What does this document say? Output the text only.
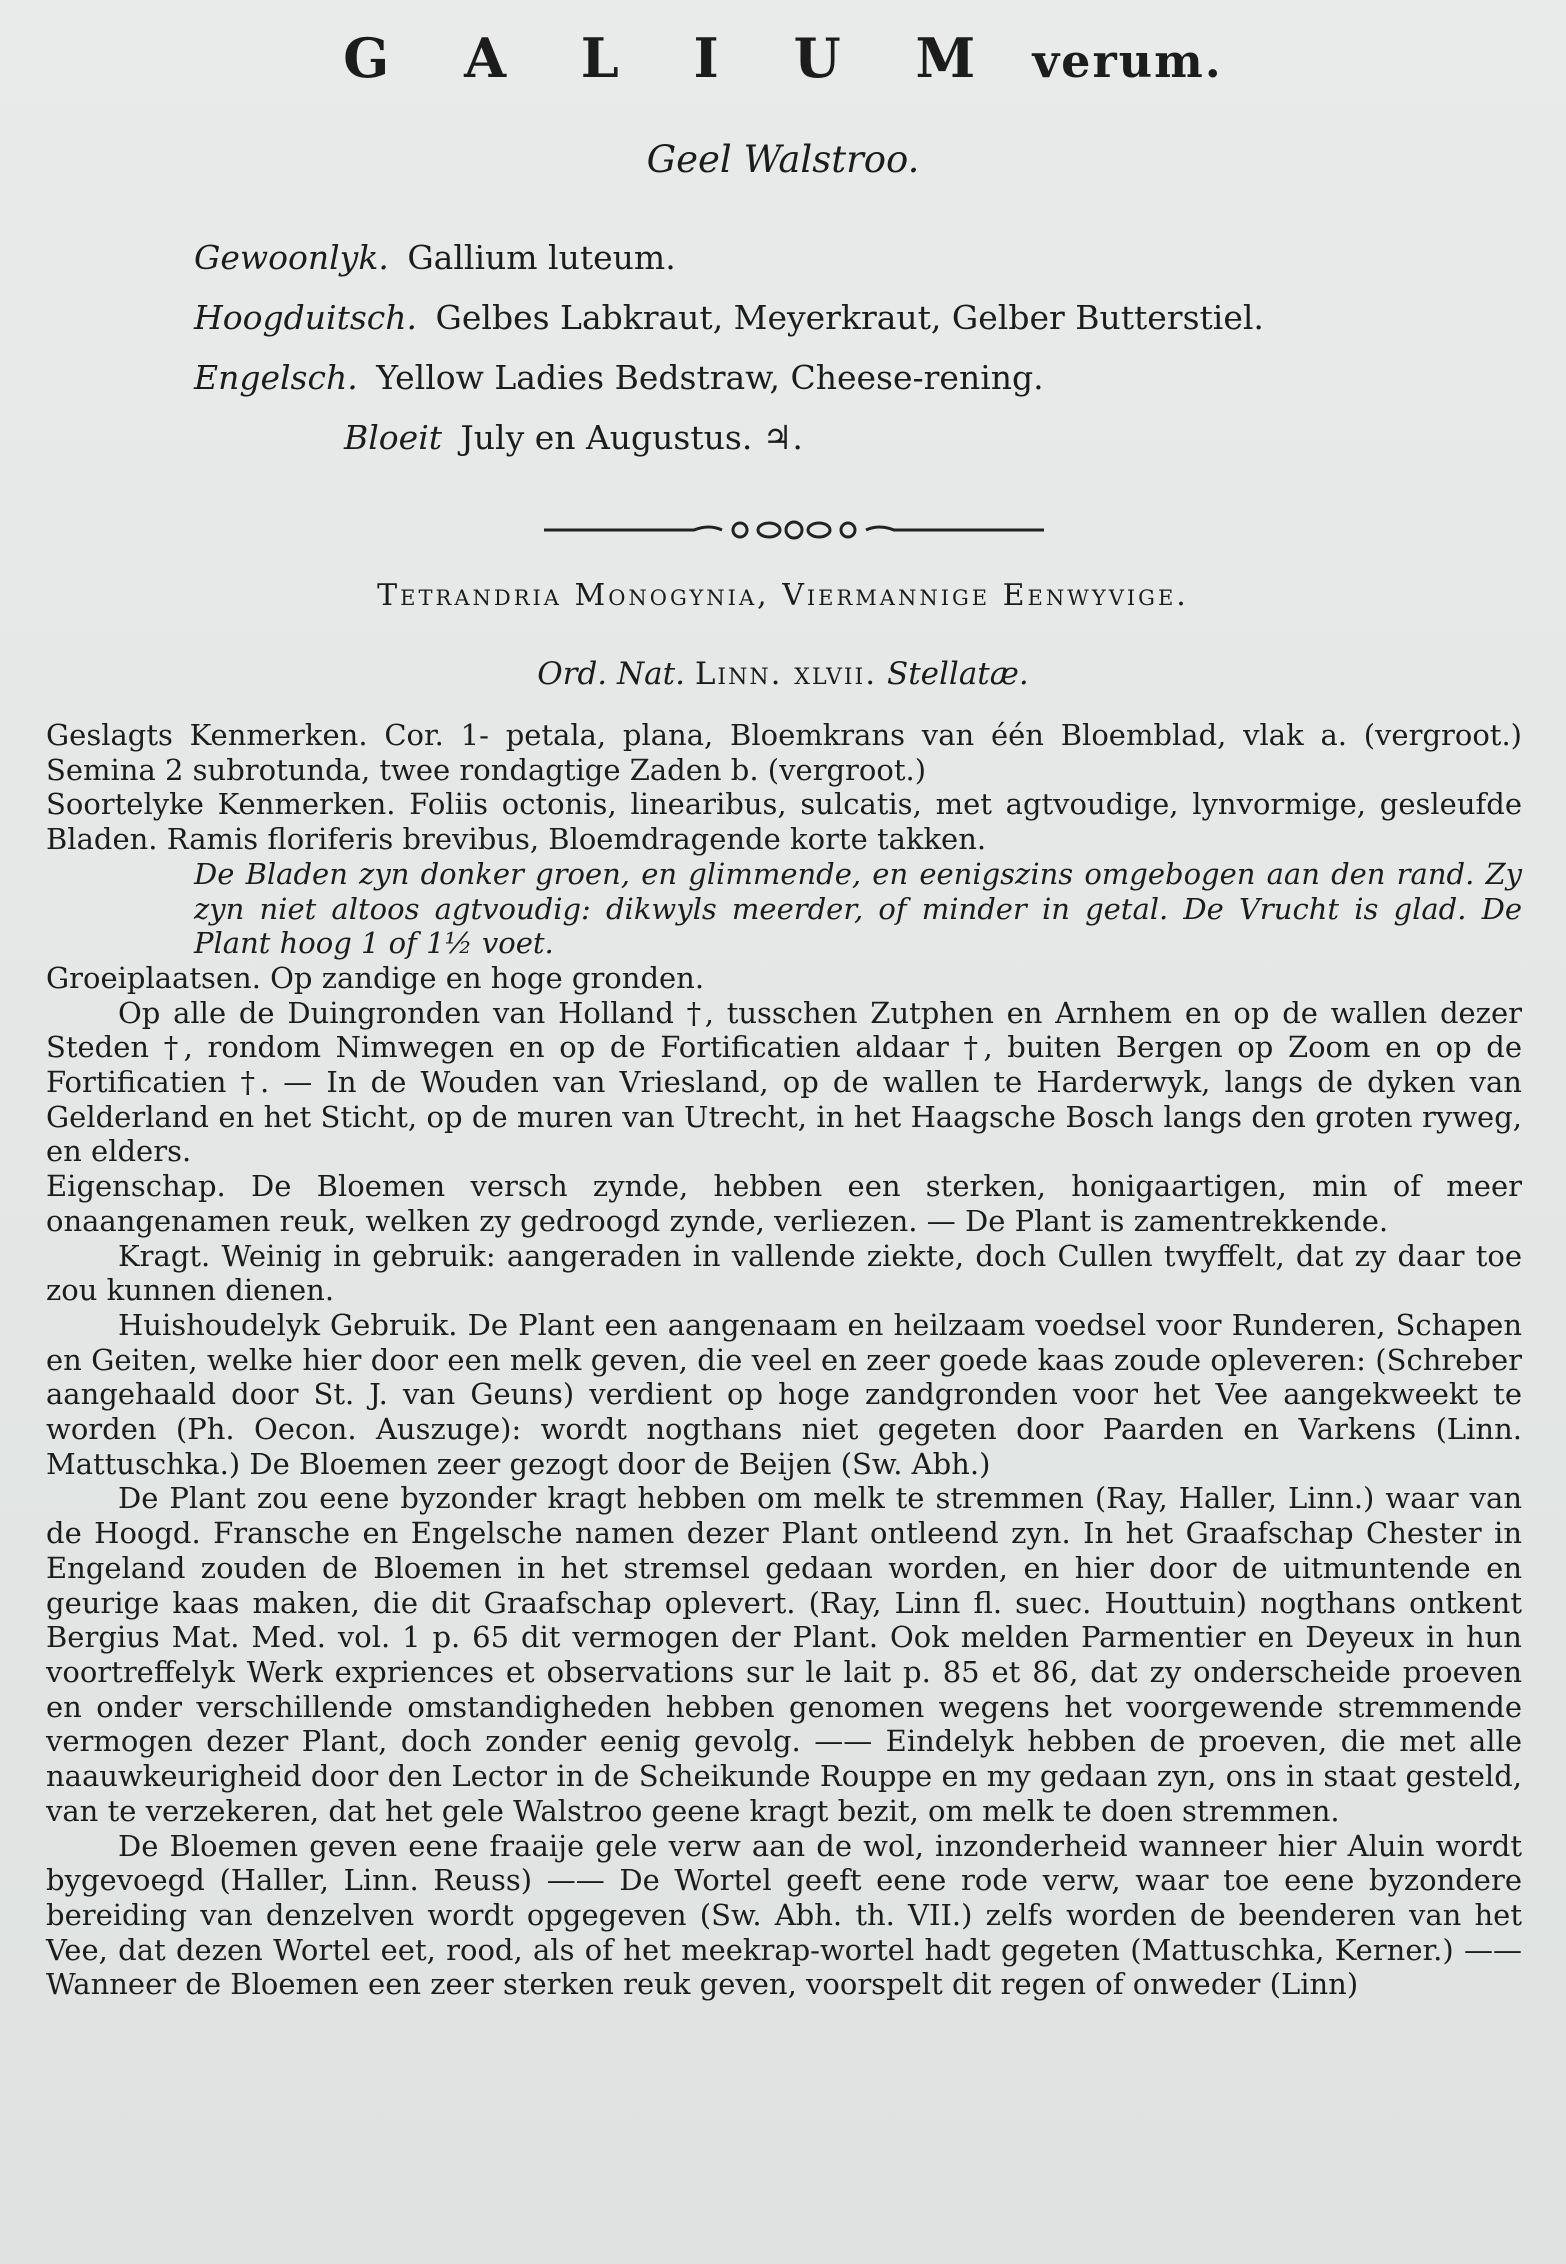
G A L I U M verum.
Geel Walstroo.
Gewoonlyk. Gallium luteum.
Hoogduitsch. Gelbes Labkraut, Meyerkraut, Gelber Butterstiel.
Engelsch. Yellow Ladies Bedstraw, Cheese-rening.
Bloeit July en Augustus. ♃.
Tetrandria Monogynia, Viermannige Eenwyvige.
Ord. Nat. Linn. xlvii. Stellatæ.

Geslagts Kenmerken. Cor. 1- petala, plana, Bloemkrans van één Bloemblad, vlak a. (vergroot.) Semina 2 subrotunda, twee rondagtige Zaden b. (vergroot.)

Soortelyke Kenmerken. Foliis octonis, linearibus, sulcatis, met agtvoudige, lynvormige, gesleufde Bladen. Ramis floriferis brevibus, Bloemdragende korte takken.

De Bladen zyn donker groen, en glimmende, en eenigszins omgebogen aan den rand. Zy zyn niet altoos agtvoudig: dikwyls meerder, of minder in getal. De Vrucht is glad. De Plant hoog 1 of 1½ voet.

Groeiplaatsen. Op zandige en hoge gronden.

Op alle de Duingronden van Holland †, tusschen Zutphen en Arnhem en op de wallen dezer Steden †, rondom Nimwegen en op de Fortificatien aldaar †, buiten Bergen op Zoom en op de Fortificatien †. — In de Wouden van Vriesland, op de wallen te Harderwyk, langs de dyken van Gelderland en het Sticht, op de muren van Utrecht, in het Haagsche Bosch langs den groten ryweg, en elders.

Eigenschap. De Bloemen versch zynde, hebben een sterken, honigaartigen, min of meer onaangenamen reuk, welken zy gedroogd zynde, verliezen. — De Plant is zamentrekkende.

Kragt. Weinig in gebruik: aangeraden in vallende ziekte, doch Cullen twyffelt, dat zy daar toe zou kunnen dienen.

Huishoudelyk Gebruik. De Plant een aangenaam en heilzaam voedsel voor Runderen, Schapen en Geiten, welke hier door een melk geven, die veel en zeer goede kaas zoude opleveren: (Schreber aangehaald door St. J. van Geuns) verdient op hoge zandgronden voor het Vee aangekweekt te worden (Ph. Oecon. Auszuge): wordt nogthans niet gegeten door Paarden en Varkens (Linn. Mattuschka.) De Bloemen zeer gezogt door de Beijen (Sw. Abh.)

De Plant zou eene byzonder kragt hebben om melk te stremmen (Ray, Haller, Linn.) waar van de Hoogd. Fransche en Engelsche namen dezer Plant ontleend zyn. In het Graafschap Chester in Engeland zouden de Bloemen in het stremsel gedaan worden, en hier door de uitmuntende en geurige kaas maken, die dit Graafschap oplevert. (Ray, Linn fl. suec. Houttuin) nogthans ontkent Bergius Mat. Med. vol. 1 p. 65 dit vermogen der Plant. Ook melden Parmentier en Deyeux in hun voortreffelyk Werk expriences et observations sur le lait p. 85 et 86, dat zy onderscheide proeven en onder verschillende omstandigheden hebben genomen wegens het voorgewende stremmende vermogen dezer Plant, doch zonder eenig gevolg. —— Eindelyk hebben de proeven, die met alle naauwkeurigheid door den Lector in de Scheikunde Rouppe en my gedaan zyn, ons in staat gesteld, van te verzekeren, dat het gele Walstroo geene kragt bezit, om melk te doen stremmen.

De Bloemen geven eene fraaije gele verw aan de wol, inzonderheid wanneer hier Aluin wordt bygevoegd (Haller, Linn. Reuss) —— De Wortel geeft eene rode verw, waar toe eene byzondere bereiding van denzelven wordt opgegeven (Sw. Abh. th. VII.) zelfs worden de beenderen van het Vee, dat dezen Wortel eet, rood, als of het meekrap-wortel hadt gegeten (Mattuschka, Kerner.) —— Wanneer de Bloemen een zeer sterken reuk geven, voorspelt dit regen of onweder (Linn)
